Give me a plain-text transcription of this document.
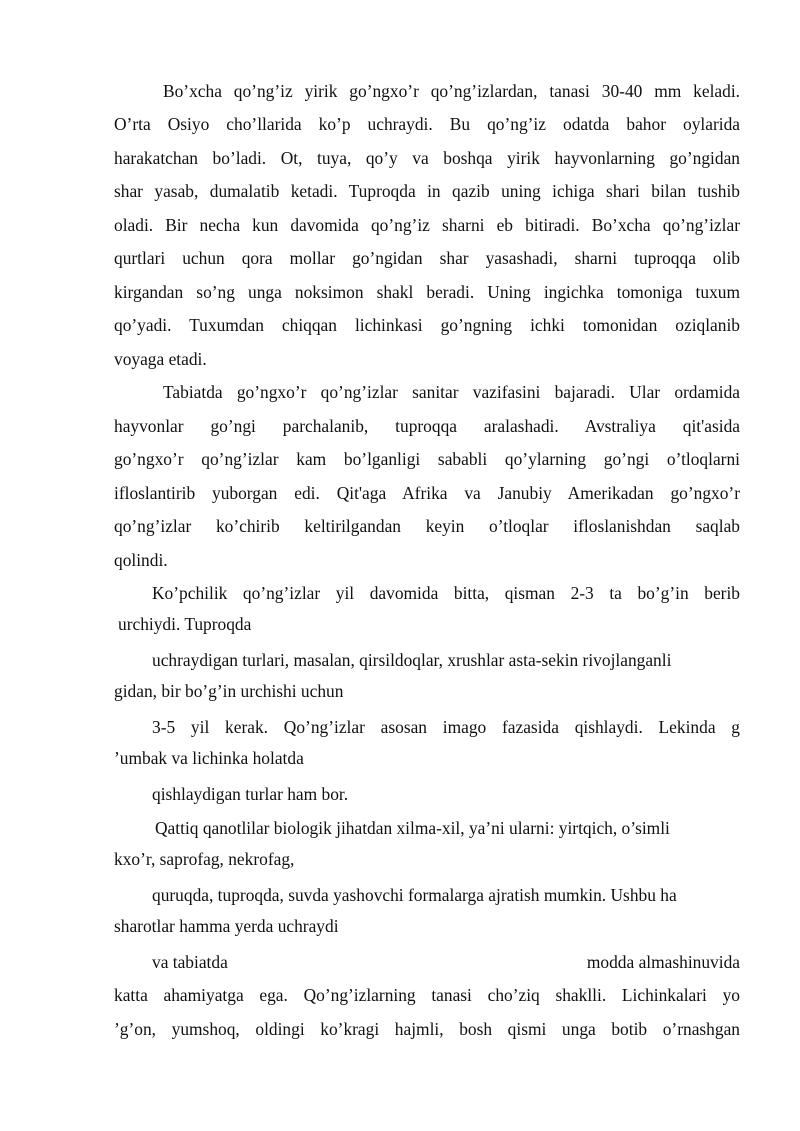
Bo’xcha qo’ng’iz yirik go’ngxo’r qo’ng’izlardan, tanasi 30-40 mm keladi.
O’rta Osiyo cho’llarida ko’p uchraydi. Bu qo’ng’iz odatda bahor oylarida
harakatchan bo’ladi. Ot, tuya, qo’y va boshqa yirik hayvonlarning go’ngidan
shar yasab, dumalatib ketadi. Tuproqda in qazib uning ichiga shari bilan tushib
oladi. Bir necha kun davomida qo’ng’iz sharni eb bitiradi. Bo’xcha qo’ng’izlar
qurtlari uchun qora mollar go’ngidan shar yasashadi, sharni tuproqqa olib
kirgandan so’ng unga noksimon shakl beradi. Uning ingichka tomoniga tuxum
qo’yadi. Tuxumdan chiqqan lichinkasi go’ngning ichki tomonidan oziqlanib
voyaga etadi.
Tabiatda go’ngxo’r qo’ng’izlar sanitar vazifasini bajaradi. Ular ordamida
hayvonlar go’ngi parchalanib, tuproqqa aralashadi. Avstraliya qit'asida
go’ngxo’r qo’ng’izlar kam bo’lganligi sababli qo’ylarning go’ngi o’tloqlarni
ifloslantirib yuborgan edi. Qit'aga Afrika va Janubiy Amerikadan go’ngxo’r
qo’ng’izlar ko’chirib keltirilgandan keyin o’tloqlar ifloslanishdan saqlab
qolindi.
Ko’pchilik qo’ng’izlar yil davomida bitta, qisman 2-3 ta bo’g’in berib
urchiydi. Tuproqda
uchraydigan turlari, masalan, qirsildoqlar, xrushlar asta-sekin rivojlanganli
gidan, bir bo’g’in urchishi uchun
3-5 yil kerak. Qo’ng’izlar asosan imago fazasida qishlaydi. Lekinda g
’umbak va lichinka holatda
qishlaydigan turlar ham bor.
Qattiq qanotlilar biologik jihatdan xilma-xil, ya’ni ularni: yirtqich, o’simli
kxo’r, saprofag, nekrofag,
quruqda, tuproqda, suvda yashovchi formalarga ajratish mumkin. Ushbu ha
sharotlar hamma yerda uchraydi
va tabiatda	modda almashinuvida
katta ahamiyatga ega. Qo’ng’izlarning tanasi cho’ziq shaklli. Lichinkalari yo
’g’on, yumshoq, oldingi ko’kragi hajmli, bosh qismi unga botib o’rnashgan
